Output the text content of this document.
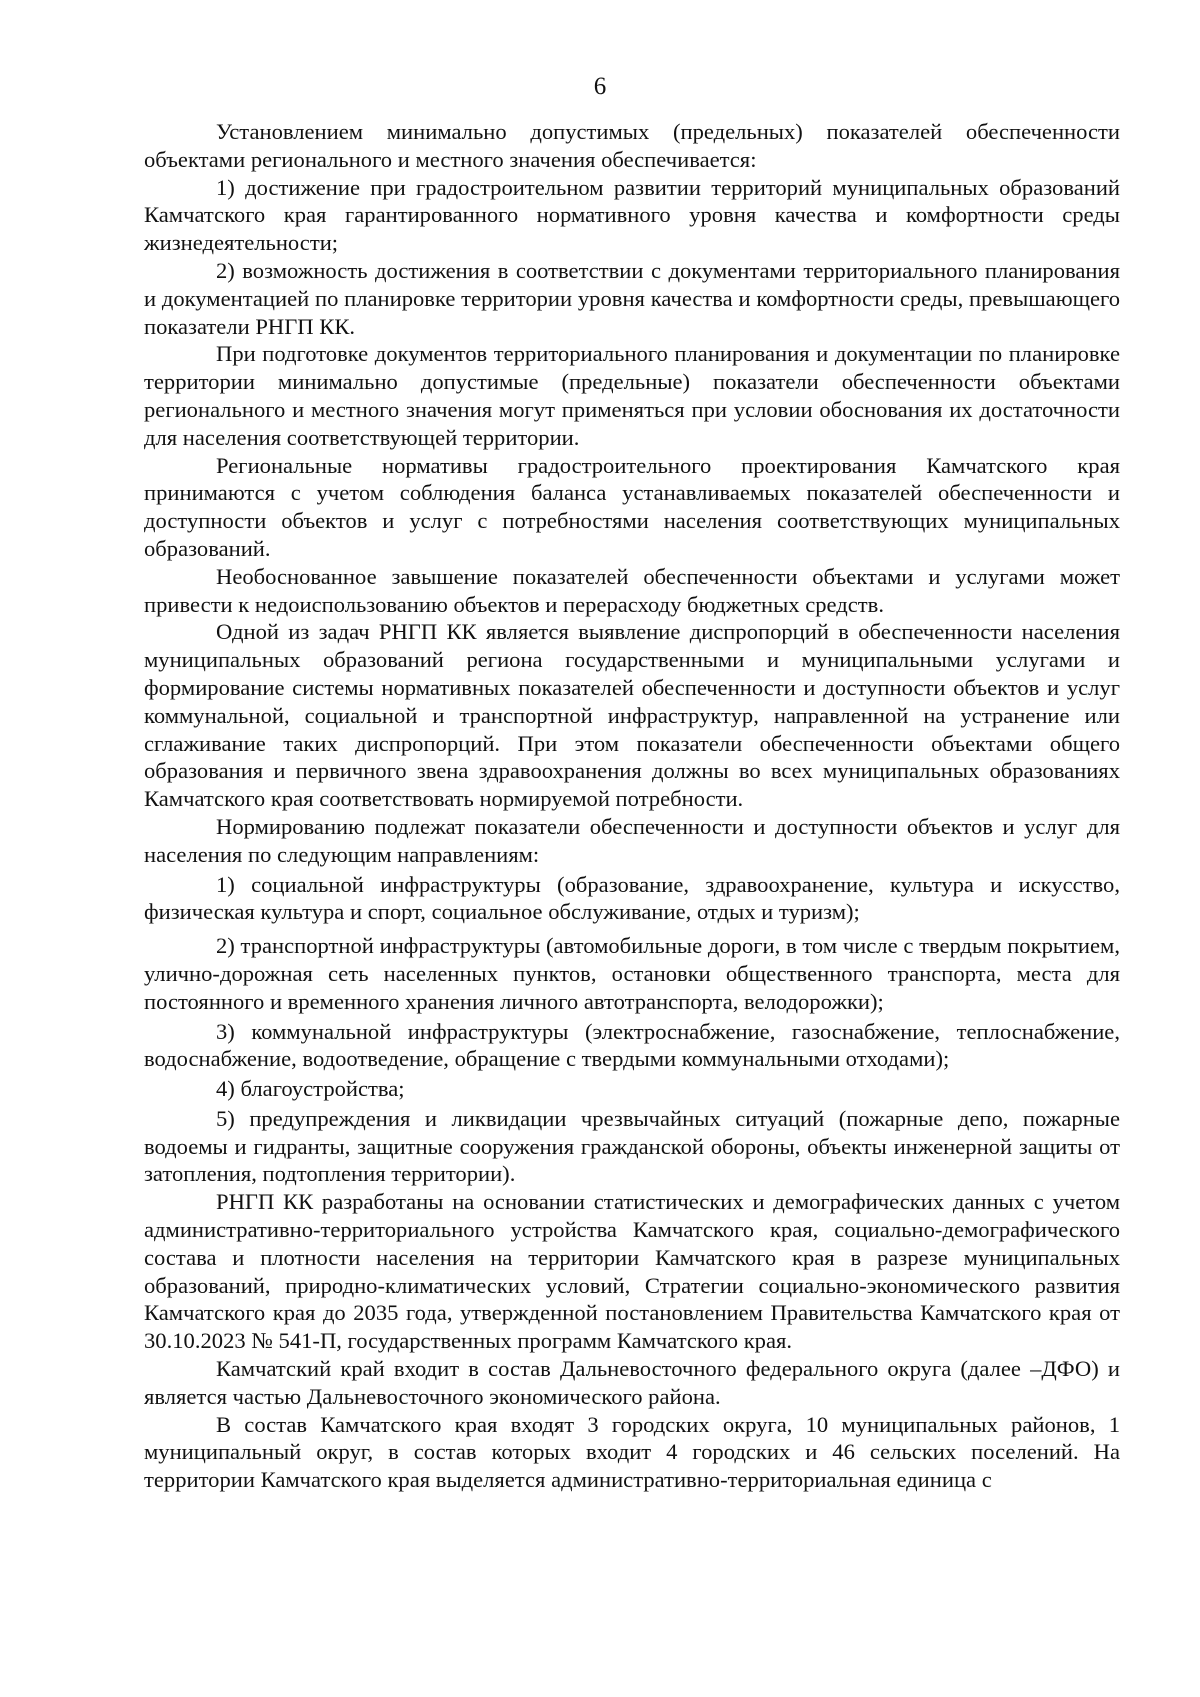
6

Установлением минимально допустимых (предельных) показателей обеспеченности объектами регионального и местного значения обеспечивается:

1) достижение при градостроительном развитии территорий муниципальных образований Камчатского края гарантированного нормативного уровня качества и комфортности среды жизнедеятельности;

2) возможность достижения в соответствии с документами территориального планирования и документацией по планировке территории уровня качества и комфортности среды, превышающего показатели РНГП КК.

При подготовке документов территориального планирования и документации по планировке территории минимально допустимые (предельные) показатели обеспеченности объектами регионального и местного значения могут применяться при условии обоснования их достаточности для населения соответствующей территории.

Региональные нормативы градостроительного проектирования Камчатского края принимаются с учетом соблюдения баланса устанавливаемых показателей обеспеченности и доступности объектов и услуг с потребностями населения соответствующих муниципальных образований.

Необоснованное завышение показателей обеспеченности объектами и услугами может привести к недоиспользованию объектов и перерасходу бюджетных средств.

Одной из задач РНГП КК является выявление диспропорций в обеспеченности населения муниципальных образований региона государственными и муниципальными услугами и формирование системы нормативных показателей обеспеченности и доступности объектов и услуг коммунальной, социальной и транспортной инфраструктур, направленной на устранение или сглаживание таких диспропорций. При этом показатели обеспеченности объектами общего образования и первичного звена здравоохранения должны во всех муниципальных образованиях Камчатского края соответствовать нормируемой потребности.

Нормированию подлежат показатели обеспеченности и доступности объектов и услуг для населения по следующим направлениям:

1) социальной инфраструктуры (образование, здравоохранение, культура и искусство, физическая культура и спорт, социальное обслуживание, отдых и туризм);

2) транспортной инфраструктуры (автомобильные дороги, в том числе с твердым покрытием, улично-дорожная сеть населенных пунктов, остановки общественного транспорта, места для постоянного и временного хранения личного автотранспорта, велодорожки);

3) коммунальной инфраструктуры (электроснабжение, газоснабжение, теплоснабжение, водоснабжение, водоотведение, обращение с твердыми коммунальными отходами);

4) благоустройства;

5) предупреждения и ликвидации чрезвычайных ситуаций (пожарные депо, пожарные водоемы и гидранты, защитные сооружения гражданской обороны, объекты инженерной защиты от затопления, подтопления территории).

РНГП КК разработаны на основании статистических и демографических данных с учетом административно-территориального устройства Камчатского края, социально-демографического состава и плотности населения на территории Камчатского края в разрезе муниципальных образований, природно-климатических условий, Стратегии социально-экономического развития Камчатского края до 2035 года, утвержденной постановлением Правительства Камчатского края от 30.10.2023 № 541-П, государственных программ Камчатского края.

Камчатский край входит в состав Дальневосточного федерального округа (далее –ДФО) и является частью Дальневосточного экономического района.

В состав Камчатского края входят 3 городских округа, 10 муниципальных районов, 1 муниципальный округ, в состав которых входит 4 городских и 46 сельских поселений. На территории Камчатского края выделяется административно-территориальная единица с
